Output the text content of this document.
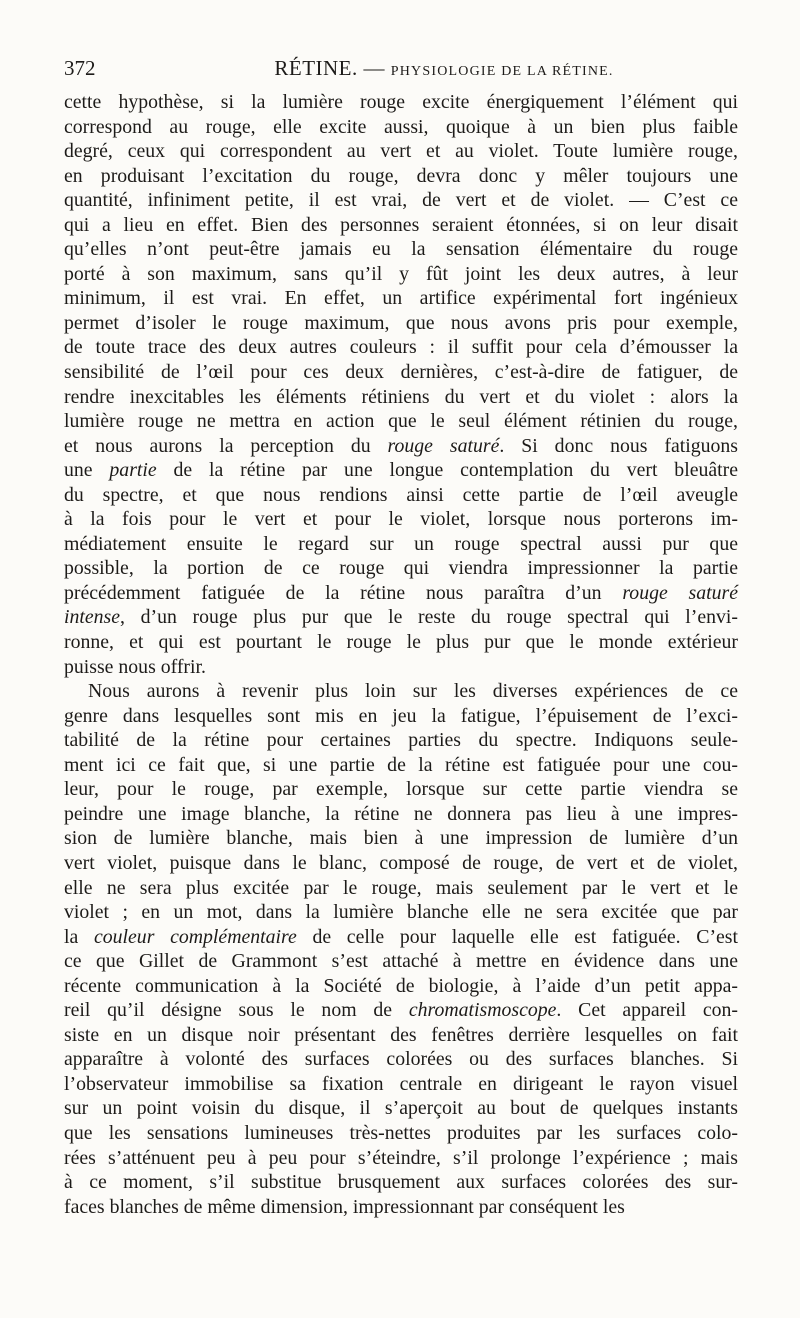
372	RÉTINE. — PHYSIOLOGIE DE LA RÉTINE.
cette hypothèse, si la lumière rouge excite énergiquement l’élément qui
correspond au rouge, elle excite aussi, quoique à un bien plus faible
degré, ceux qui correspondent au vert et au violet. Toute lumière rouge,
en produisant l’excitation du rouge, devra donc y mêler toujours une
quantité, infiniment petite, il est vrai, de vert et de violet. — C’est ce
qui a lieu en effet. Bien des personnes seraient étonnées, si on leur disait
qu’elles n’ont peut-être jamais eu la sensation élémentaire du rouge
porté à son maximum, sans qu’il y fût joint les deux autres, à leur
minimum, il est vrai. En effet, un artifice expérimental fort ingénieux
permet d’isoler le rouge maximum, que nous avons pris pour exemple,
de toute trace des deux autres couleurs : il suffit pour cela d’émousser la
sensibilité de l’œil pour ces deux dernières, c’est-à-dire de fatiguer, de
rendre inexcitables les éléments rétiniens du vert et du violet : alors la
lumière rouge ne mettra en action que le seul élément rétinien du rouge,
et nous aurons la perception du rouge saturé. Si donc nous fatiguons
une partie de la rétine par une longue contemplation du vert bleuâtre
du spectre, et que nous rendions ainsi cette partie de l’œil aveugle
à la fois pour le vert et pour le violet, lorsque nous porterons im-
médiatement ensuite le regard sur un rouge spectral aussi pur que
possible, la portion de ce rouge qui viendra impressionner la partie
précédemment fatiguée de la rétine nous paraîtra d’un rouge saturé
intense, d’un rouge plus pur que le reste du rouge spectral qui l’envi-
ronne, et qui est pourtant le rouge le plus pur que le monde extérieur
puisse nous offrir.
Nous aurons à revenir plus loin sur les diverses expériences de ce
genre dans lesquelles sont mis en jeu la fatigue, l’épuisement de l’exci-
tabilité de la rétine pour certaines parties du spectre. Indiquons seule-
ment ici ce fait que, si une partie de la rétine est fatiguée pour une cou-
leur, pour le rouge, par exemple, lorsque sur cette partie viendra se
peindre une image blanche, la rétine ne donnera pas lieu à une impres-
sion de lumière blanche, mais bien à une impression de lumière d’un
vert violet, puisque dans le blanc, composé de rouge, de vert et de violet,
elle ne sera plus excitée par le rouge, mais seulement par le vert et le
violet ; en un mot, dans la lumière blanche elle ne sera excitée que par
la couleur complémentaire de celle pour laquelle elle est fatiguée. C’est
ce que Gillet de Grammont s’est attaché à mettre en évidence dans une
récente communication à la Société de biologie, à l’aide d’un petit appa-
reil qu’il désigne sous le nom de chromatismoscope. Cet appareil con-
siste en un disque noir présentant des fenêtres derrière lesquelles on fait
apparaître à volonté des surfaces colorées ou des surfaces blanches. Si
l’observateur immobilise sa fixation centrale en dirigeant le rayon visuel
sur un point voisin du disque, il s’aperçoit au bout de quelques instants
que les sensations lumineuses très-nettes produites par les surfaces colo-
rées s’atténuent peu à peu pour s’éteindre, s’il prolonge l’expérience ; mais
à ce moment, s’il substitue brusquement aux surfaces colorées des sur-
faces blanches de même dimension, impressionnant par conséquent les
